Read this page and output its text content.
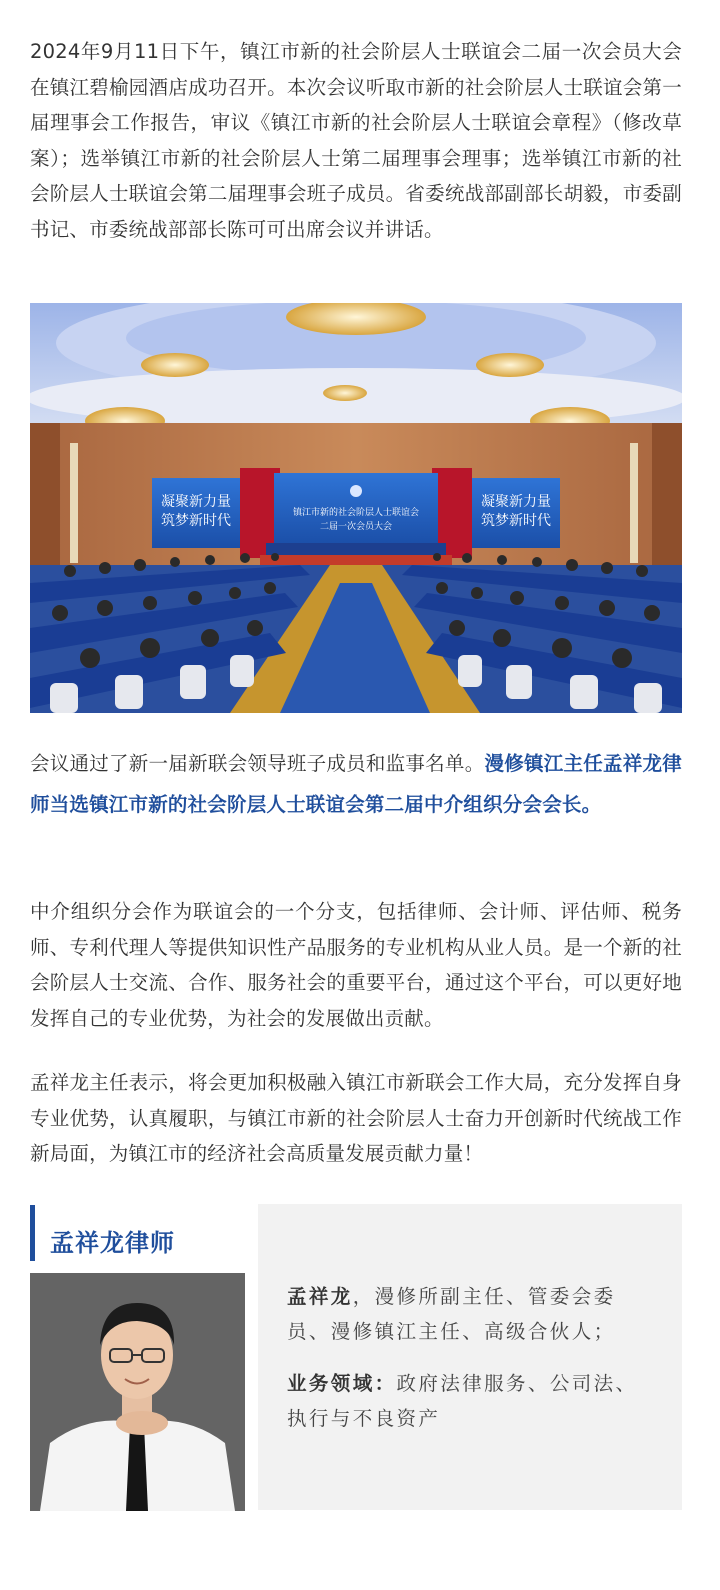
2024年9月11日下午，镇江市新的社会阶层人士联谊会二届一次会员大会在镇江碧榆园酒店成功召开。本次会议听取市新的社会阶层人士联谊会第一届理事会工作报告，审议《镇江市新的社会阶层人士联谊会章程》（修改草案）；选举镇江市新的社会阶层人士第二届理事会理事；选举镇江市新的社会阶层人士联谊会第二届理事会班子成员。省委统战部副部长胡毅，市委副书记、市委统战部部长陈可可出席会议并讲话。

凝聚新力量
筑梦新时代	镇江市新的社会阶层人士联谊会
二届一次会员大会
凝聚新力量
筑梦新时代

会议通过了新一届新联会领导班子成员和监事名单。漫修镇江主任孟祥龙律师当选镇江市新的社会阶层人士联谊会第二届中介组织分会会长。

中介组织分会作为联谊会的一个分支，包括律师、会计师、评估师、税务师、专利代理人等提供知识性产品服务的专业机构从业人员。是一个新的社会阶层人士交流、合作、服务社会的重要平台，通过这个平台，可以更好地发挥自己的专业优势，为社会的发展做出贡献。

孟祥龙主任表示，将会更加积极融入镇江市新联会工作大局，充分发挥自身专业优势，认真履职，与镇江市新的社会阶层人士奋力开创新时代统战工作新局面，为镇江市的经济社会高质量发展贡献力量！

孟祥龙律师

孟祥龙，漫修所副主任、管委会委员、漫修镇江主任、高级合伙人；

业务领域：政府法律服务、公司法、执行与不良资产
